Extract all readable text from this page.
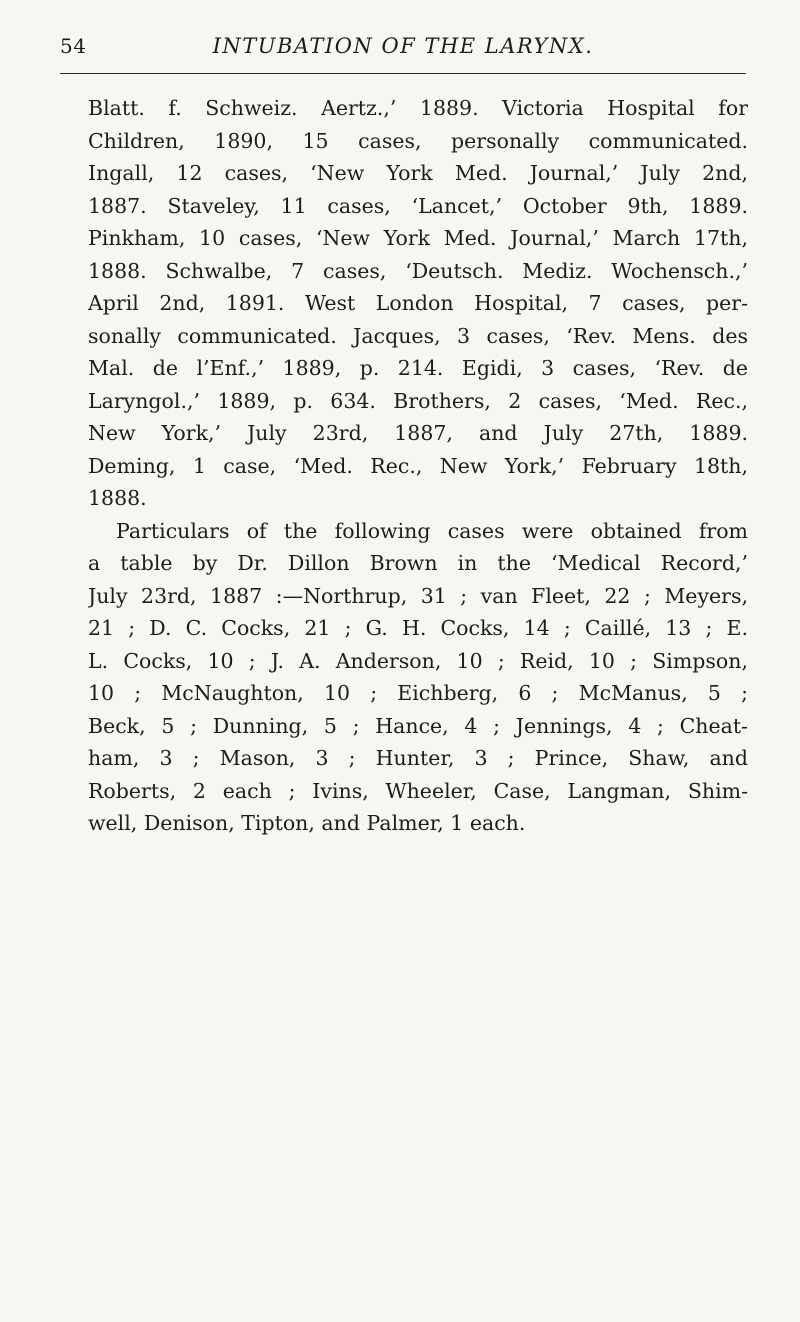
54	INTUBATION OF THE LARYNX.
Blatt. f. Schweiz. Aertz.,’ 1889. Victoria Hospital for
Children, 1890, 15 cases, personally communicated.
Ingall, 12 cases, ‘New York Med. Journal,’ July 2nd,
1887. Staveley, 11 cases, ‘Lancet,’ October 9th, 1889.
Pinkham, 10 cases, ‘New York Med. Journal,’ March 17th,
1888. Schwalbe, 7 cases, ‘Deutsch. Mediz. Wochensch.,’
April 2nd, 1891. West London Hospital, 7 cases, per-
sonally communicated. Jacques, 3 cases, ‘Rev. Mens. des
Mal. de l’Enf.,’ 1889, p. 214. Egidi, 3 cases, ‘Rev. de
Laryngol.,’ 1889, p. 634. Brothers, 2 cases, ‘Med. Rec.,
New York,’ July 23rd, 1887, and July 27th, 1889.
Deming, 1 case, ‘Med. Rec., New York,’ February 18th,
1888.
Particulars of the following cases were obtained from
a table by Dr. Dillon Brown in the ‘Medical Record,’
July 23rd, 1887 :—Northrup, 31 ; van Fleet, 22 ; Meyers,
21 ; D. C. Cocks, 21 ; G. H. Cocks, 14 ; Caillé, 13 ; E.
L. Cocks, 10 ; J. A. Anderson, 10 ; Reid, 10 ; Simpson,
10 ; McNaughton, 10 ; Eichberg, 6 ; McManus, 5 ;
Beck, 5 ; Dunning, 5 ; Hance, 4 ; Jennings, 4 ; Cheat-
ham, 3 ; Mason, 3 ; Hunter, 3 ; Prince, Shaw, and
Roberts, 2 each ; Ivins, Wheeler, Case, Langman, Shim-
well, Denison, Tipton, and Palmer, 1 each.
